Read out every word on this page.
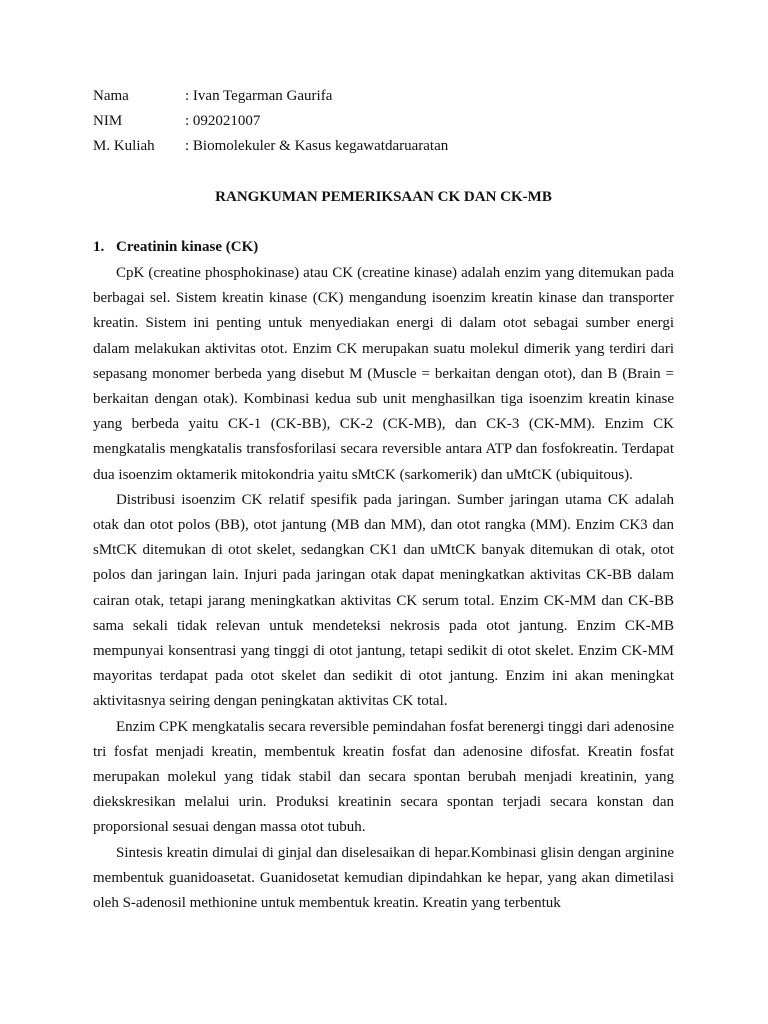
Nama	: Ivan Tegarman Gaurifa
NIM	: 092021007
M. Kuliah	: Biomolekuler & Kasus kegawatdaruaratan
RANGKUMAN PEMERIKSAAN CK DAN CK-MB
1. Creatinin kinase (CK)

CpK (creatine phosphokinase) atau CK (creatine kinase) adalah enzim yang ditemukan pada berbagai sel. Sistem kreatin kinase (CK) mengandung isoenzim kreatin kinase dan transporter kreatin. Sistem ini penting untuk menyediakan energi di dalam otot sebagai sumber energi dalam melakukan aktivitas otot. Enzim CK merupakan suatu molekul dimerik yang terdiri dari sepasang monomer berbeda yang disebut M (Muscle = berkaitan dengan otot), dan B (Brain = berkaitan dengan otak). Kombinasi kedua sub unit menghasilkan tiga isoenzim kreatin kinase yang berbeda yaitu CK-1 (CK-BB), CK-2 (CK-MB), dan CK-3 (CK-MM). Enzim CK mengkatalis mengkatalis transfosforilasi secara reversible antara ATP dan fosfokreatin. Terdapat dua isoenzim oktamerik mitokondria yaitu sMtCK (sarkomerik) dan uMtCK (ubiquitous).

Distribusi isoenzim CK relatif spesifik pada jaringan. Sumber jaringan utama CK adalah otak dan otot polos (BB), otot jantung (MB dan MM), dan otot rangka (MM). Enzim CK3 dan sMtCK ditemukan di otot skelet, sedangkan CK1 dan uMtCK banyak ditemukan di otak, otot polos dan jaringan lain. Injuri pada jaringan otak dapat meningkatkan aktivitas CK-BB dalam cairan otak, tetapi jarang meningkatkan aktivitas CK serum total. Enzim CK-MM dan CK-BB sama sekali tidak relevan untuk mendeteksi nekrosis pada otot jantung. Enzim CK-MB mempunyai konsentrasi yang tinggi di otot jantung, tetapi sedikit di otot skelet. Enzim CK-MM mayoritas terdapat pada otot skelet dan sedikit di otot jantung. Enzim ini akan meningkat aktivitasnya seiring dengan peningkatan aktivitas CK total.

Enzim CPK mengkatalis secara reversible pemindahan fosfat berenergi tinggi dari adenosine tri fosfat menjadi kreatin, membentuk kreatin fosfat dan adenosine difosfat. Kreatin fosfat merupakan molekul yang tidak stabil dan secara spontan berubah menjadi kreatinin, yang diekskresikan melalui urin. Produksi kreatinin secara spontan terjadi secara konstan dan proporsional sesuai dengan massa otot tubuh.

Sintesis kreatin dimulai di ginjal dan diselesaikan di hepar.Kombinasi glisin dengan arginine membentuk guanidoasetat. Guanidosetat kemudian dipindahkan ke hepar, yang akan dimetilasi oleh S-adenosil methionine untuk membentuk kreatin. Kreatin yang terbentuk
